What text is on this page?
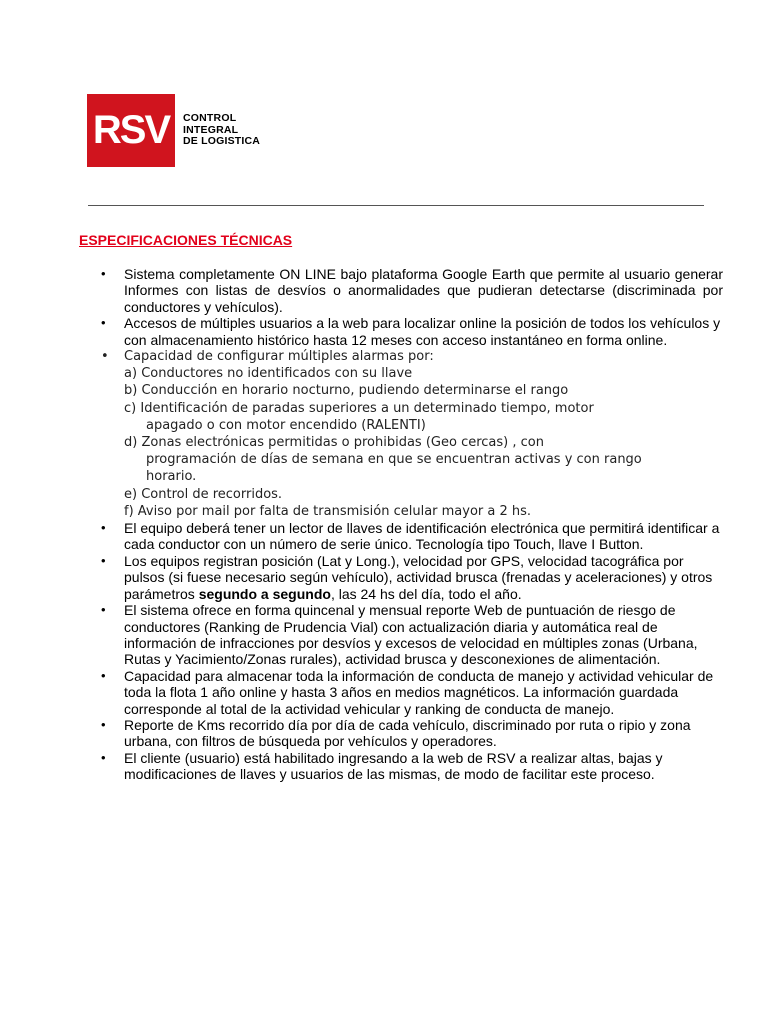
RSV	CONTROL
INTEGRAL
DE LOGISTICA
ESPECIFICACIONES TÉCNICAS
• Sistema completamente ON LINE bajo plataforma Google Earth que permite al usuario generar Informes con listas de desvíos o anormalidades que pudieran detectarse (discriminada por conductores y vehículos).
• Accesos de múltiples usuarios a la web para localizar online la posición de todos los vehículos y con almacenamiento histórico hasta 12 meses con acceso instantáneo en forma online.
• Capacidad de configurar múltiples alarmas por:
a) Conductores no identificados con su llave
b) Conducción en horario nocturno, pudiendo determinarse el rango
c) Identificación de paradas superiores a un determinado tiempo, motor
apagado o con motor encendido (RALENTI)
d) Zonas electrónicas permitidas o prohibidas (Geo cercas) , con
programación de días de semana en que se encuentran activas y con rango horario.
e) Control de recorridos.
f) Aviso por mail por falta de transmisión celular mayor a 2 hs.
• El equipo deberá tener un lector de llaves de identificación electrónica que permitirá identificar a cada conductor con un número de serie único. Tecnología tipo Touch, llave I Button.
• Los equipos registran posición (Lat y Long.), velocidad por GPS, velocidad tacográfica por pulsos (si fuese necesario según vehículo), actividad brusca (frenadas y aceleraciones) y otros parámetros segundo a segundo, las 24 hs del día, todo el año.
• El sistema ofrece en forma quincenal y mensual reporte Web de puntuación de riesgo de conductores (Ranking de Prudencia Vial) con actualización diaria y automática real de información de infracciones por desvíos y excesos de velocidad en múltiples zonas (Urbana, Rutas y Yacimiento/Zonas rurales), actividad brusca y desconexiones de alimentación.
• Capacidad para almacenar toda la información de conducta de manejo y actividad vehicular de toda la flota 1 año online y hasta 3 años en medios magnéticos. La información guardada corresponde al total de la actividad vehicular y ranking de conducta de manejo.
• Reporte de Kms recorrido día por día de cada vehículo, discriminado por ruta o ripio y zona urbana, con filtros de búsqueda por vehículos y operadores.
• El cliente (usuario) está habilitado ingresando a la web de RSV a realizar altas, bajas y modificaciones de llaves y usuarios de las mismas, de modo de facilitar este proceso.
